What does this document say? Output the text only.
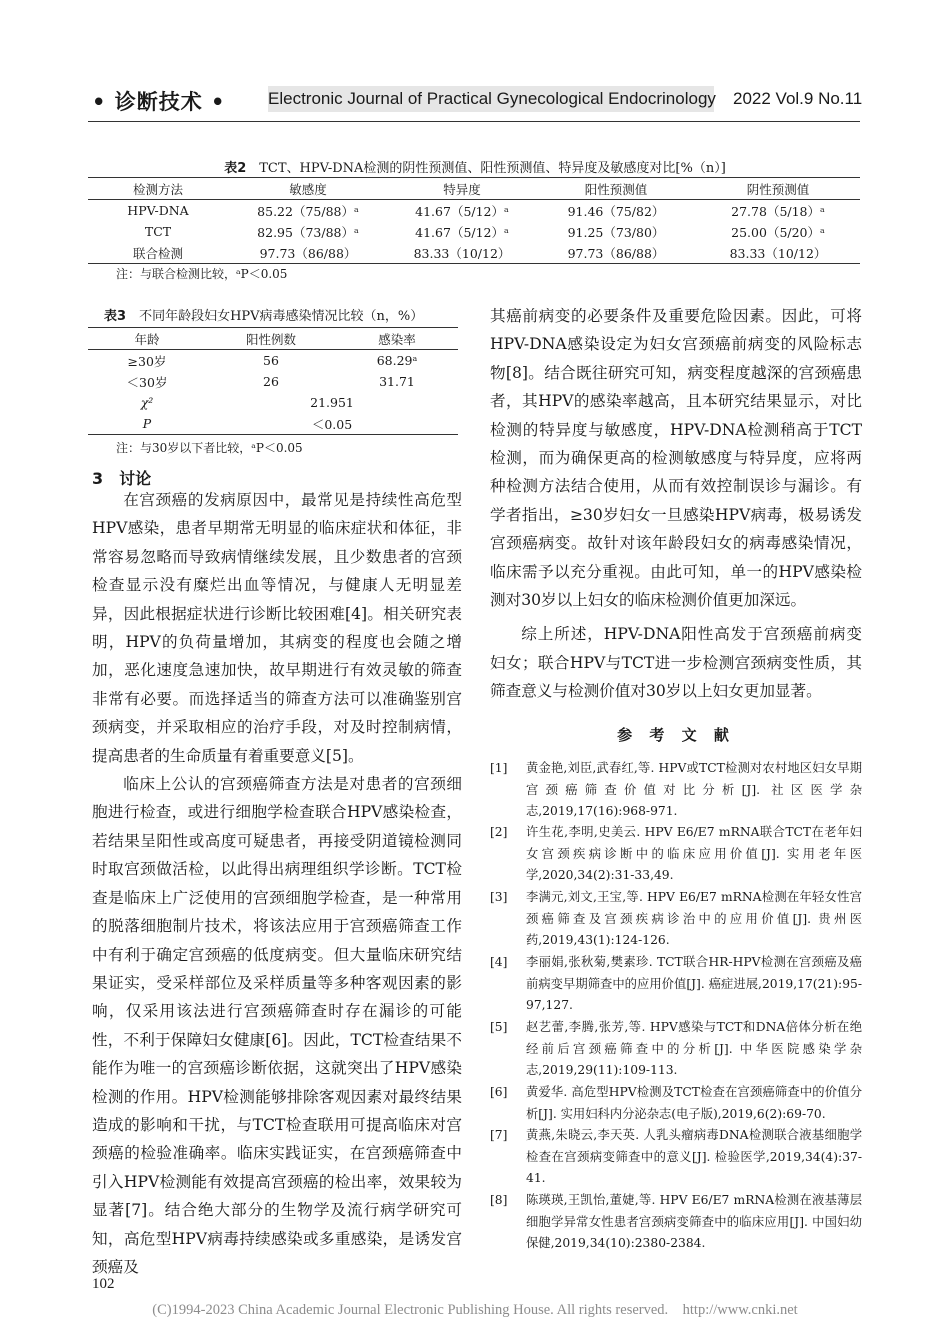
• 诊断技术 •	Electronic Journal of Practical Gynecological Endocrinology 2022 Vol.9 No.11
表2　 TCT、HPV-DNA检测的阴性预测值、阳性预测值、特异度及敏感度对比[%（n）]
检测方法	敏感度	特异度	阳性预测值	阴性预测值
HPV-DNA	85.22（75/88）ᵃ	41.67（5/12）ᵃ	91.46（75/82）	27.78（5/18）ᵃ
TCT	82.95（73/88）ᵃ	41.67（5/12）ᵃ	91.25（73/80）	25.00（5/20）ᵃ
联合检测	97.73（86/88）	83.33（10/12）	97.73（86/88）	83.33（10/12）
注：与联合检测比较，ᵃP＜0.05
表3　 不同年龄段妇女HPV病毒感染情况比较（n，%）
年龄	阳性例数	感染率
≥30岁	56	68.29ᵃ
＜30岁	26	31.71
χ²	21.951	
P	＜0.05	
注：与30岁以下者比较，ᵃP＜0.05
3　讨论

在宫颈癌的发病原因中，最常见是持续性高危型HPV感染，患者早期常无明显的临床症状和体征，非常容易忽略而导致病情继续发展，且少数患者的宫颈检查显示没有糜烂出血等情况，与健康人无明显差异，因此根据症状进行诊断比较困难[4]。相关研究表明，HPV的负荷量增加，其病变的程度也会随之增加，恶化速度急速加快，故早期进行有效灵敏的筛查非常有必要。而选择适当的筛查方法可以准确鉴别宫颈病变，并采取相应的治疗手段，对及时控制病情，提高患者的生命质量有着重要意义[5]。

临床上公认的宫颈癌筛查方法是对患者的宫颈细胞进行检查，或进行细胞学检查联合HPV感染检查，若结果呈阳性或高度可疑患者，再接受阴道镜检测同时取宫颈做活检，以此得出病理组织学诊断。TCT检查是临床上广泛使用的宫颈细胞学检查，是一种常用的脱落细胞制片技术，将该法应用于宫颈癌筛查工作中有利于确定宫颈癌的低度病变。但大量临床研究结果证实，受采样部位及采样质量等多种客观因素的影响，仅采用该法进行宫颈癌筛查时存在漏诊的可能性，不利于保障妇女健康[6]。因此，TCT检查结果不能作为唯一的宫颈癌诊断依据，这就突出了HPV感染检测的作用。HPV检测能够排除客观因素对最终结果造成的影响和干扰，与TCT检查联用可提高临床对宫颈癌的检验准确率。临床实践证实，在宫颈癌筛查中引入HPV检测能有效提高宫颈癌的检出率，效果较为显著[7]。结合绝大部分的生物学及流行病学研究可知，高危型HPV病毒持续感染或多重感染，是诱发宫颈癌及

其癌前病变的必要条件及重要危险因素。因此，可将HPV-DNA感染设定为妇女宫颈癌前病变的风险标志物[8]。结合既往研究可知，病变程度越深的宫颈癌患者，其HPV的感染率越高，且本研究结果显示，对比检测的特异度与敏感度，HPV-DNA检测稍高于TCT检测，而为确保更高的检测敏感度与特异度，应将两种检测方法结合使用，从而有效控制误诊与漏诊。有学者指出，≥30岁妇女一旦感染HPV病毒，极易诱发宫颈癌病变。故针对该年龄段妇女的病毒感染情况，临床需予以充分重视。由此可知，单一的HPV感染检测对30岁以上妇女的临床检测价值更加深远。

综上所述，HPV-DNA阳性高发于宫颈癌前病变妇女；联合HPV与TCT进一步检测宫颈病变性质，其筛查意义与检测价值对30岁以上妇女更加显著。

参 考 文 献
[1] 黄金艳,刘臣,武春红,等. HPV或TCT检测对农村地区妇女早期宫颈癌筛查价值对比分析[J]. 社区医学杂志,2019,17(16):968-971.
[2] 许生花,李明,史美云. HPV E6/E7 mRNA联合TCT在老年妇女宫颈疾病诊断中的临床应用价值[J]. 实用老年医学,2020,34(2):31-33,49.
[3] 李满元,刘文,王宝,等. HPV E6/E7 mRNA检测在年轻女性宫颈癌筛查及宫颈疾病诊治中的应用价值[J]. 贵州医药,2019,43(1):124-126.
[4] 李丽娟,张秋菊,樊素珍. TCT联合HR-HPV检测在宫颈癌及癌前病变早期筛查中的应用价值[J]. 癌症进展,2019,17(21):95-97,127.
[5] 赵艺蕾,李腾,张芳,等. HPV感染与TCT和DNA倍体分析在绝经前后宫颈癌筛查中的分析[J]. 中华医院感染学杂志,2019,29(11):109-113.
[6] 黄爱华. 高危型HPV检测及TCT检查在宫颈癌筛查中的价值分析[J]. 实用妇科内分泌杂志(电子版),2019,6(2):69-70.
[7] 黄燕,朱晓云,李天英. 人乳头瘤病毒DNA检测联合液基细胞学检查在宫颈病变筛查中的意义[J]. 检验医学,2019,34(4):37-41.
[8] 陈瑛瑛,王凯怡,董婕,等. HPV E6/E7 mRNA检测在液基薄层细胞学异常女性患者宫颈病变筛查中的临床应用[J]. 中国妇幼保健,2019,34(10):2380-2384.
102
(C)1994-2023 China Academic Journal Electronic Publishing House. All rights reserved.　http://www.cnki.net
